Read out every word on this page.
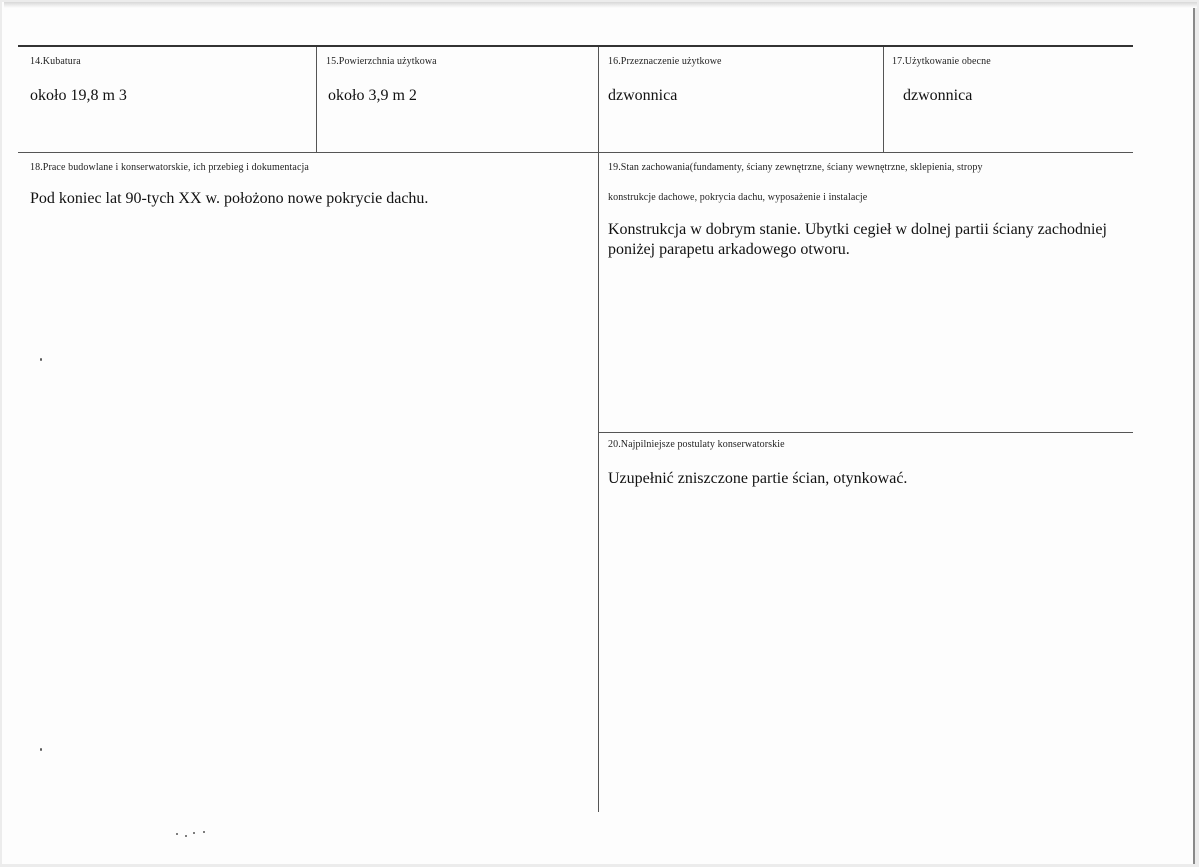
14.Kubatura
około 19,8 m 3
15.Powierzchnia użytkowa
około 3,9 m 2
16.Przeznaczenie użytkowe
dzwonnica
17.Użytkowanie obecne
dzwonnica
18.Prace budowlane i konserwatorskie, ich przebieg i dokumentacja
Pod koniec lat 90-tych XX w. położono nowe pokrycie dachu.
19.Stan zachowania(fundamenty, ściany zewnętrzne, ściany wewnętrzne, sklepienia, stropy
konstrukcje dachowe, pokrycia dachu, wyposażenie i instalacje
Konstrukcja w dobrym stanie. Ubytki cegieł w dolnej partii ściany zachodniej poniżej parapetu arkadowego otworu.
20.Najpilniejsze postulaty konserwatorskie
Uzupełnić zniszczone partie ścian, otynkować.
